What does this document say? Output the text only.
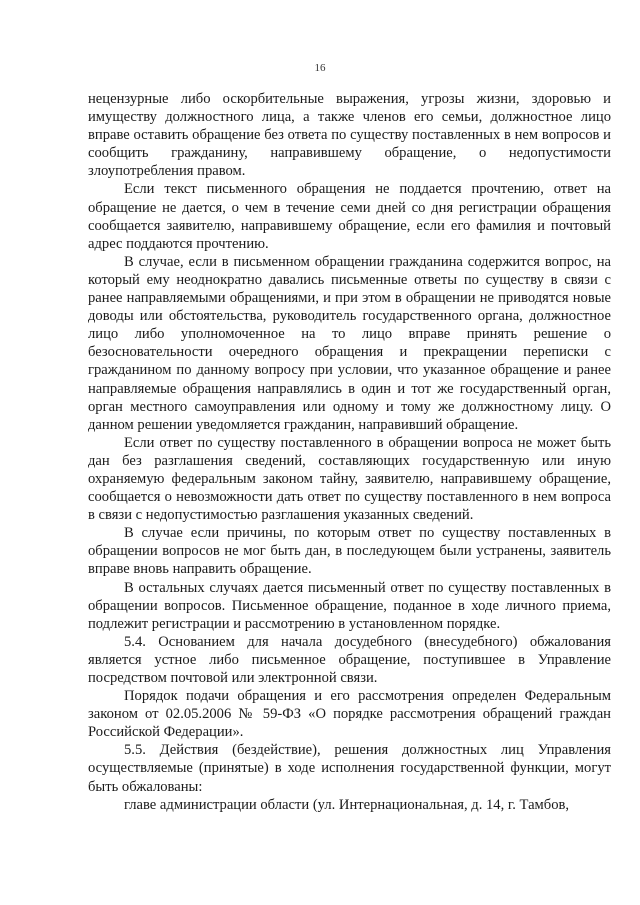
16

нецензурные либо оскорбительные выражения, угрозы жизни, здоровью и имуществу должностного лица, а также членов его семьи, должностное лицо вправе оставить обращение без ответа по существу поставленных в нем вопросов и сообщить гражданину, направившему обращение, о недопустимости злоупотребления правом.

Если текст письменного обращения не поддается прочтению, ответ на обращение не дается, о чем в течение семи дней со дня регистрации обращения сообщается заявителю, направившему обращение, если его фамилия и почтовый адрес поддаются прочтению.

В случае, если в письменном обращении гражданина содержится вопрос, на который ему неоднократно давались письменные ответы по существу в связи с ранее направляемыми обращениями, и при этом в обращении не приводятся новые доводы или обстоятельства, руководитель государственного органа, должностное лицо либо уполномоченное на то лицо вправе принять решение о безосновательности очередного обращения и прекращении переписки с гражданином по данному вопросу при условии, что указанное обращение и ранее направляемые обращения направлялись в один и тот же государственный орган, орган местного самоуправления или одному и тому же должностному лицу. О данном решении уведомляется гражданин, направивший обращение.

Если ответ по существу поставленного в обращении вопроса не может быть дан без разглашения сведений, составляющих государственную или иную охраняемую федеральным законом тайну, заявителю, направившему обращение, сообщается о невозможности дать ответ по существу поставленного в нем вопроса в связи с недопустимостью разглашения указанных сведений.

В случае если причины, по которым ответ по существу поставленных в обращении вопросов не мог быть дан, в последующем были устранены, заявитель вправе вновь направить обращение.

В остальных случаях дается письменный ответ по существу поставленных в обращении вопросов. Письменное обращение, поданное в ходе личного приема, подлежит регистрации и рассмотрению в установленном порядке.

5.4. Основанием для начала досудебного (внесудебного) обжалования является устное либо письменное обращение, поступившее в Управление посредством почтовой или электронной связи.

Порядок подачи обращения и его рассмотрения определен Федеральным законом от 02.05.2006 № 59-ФЗ «О порядке рассмотрения обращений граждан Российской Федерации».

5.5. Действия (бездействие), решения должностных лиц Управления осуществляемые (принятые) в ходе исполнения государственной функции, могут быть обжалованы:

главе администрации области (ул. Интернациональная, д. 14, г. Тамбов,
